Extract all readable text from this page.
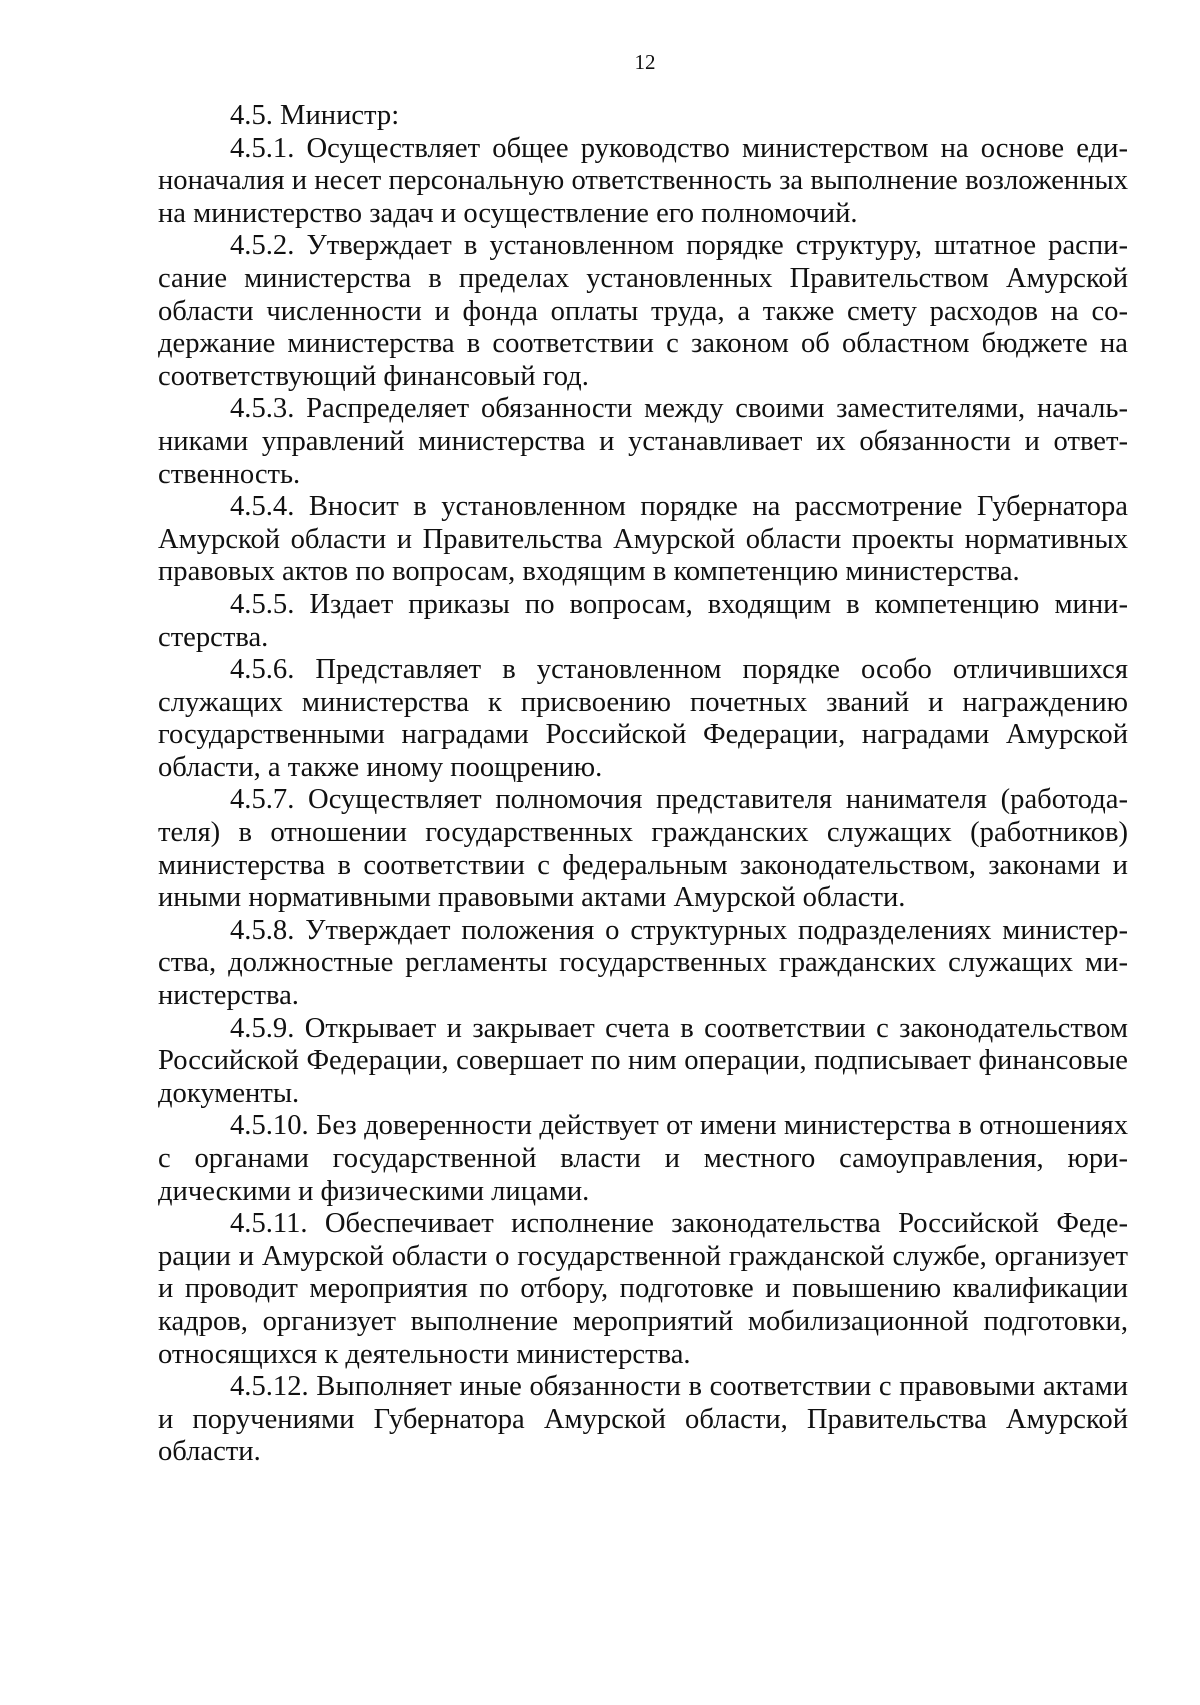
12

4.5. Министр:

4.5.1. Осуществляет общее руководство министерством на основе единоначалия и несет персональную ответственность за выполнение возложенных на министерство задач и осуществление его полномочий.

4.5.2. Утверждает в установленном порядке структуру, штатное расписание министерства в пределах установленных Правительством Амурской области численности и фонда оплаты труда, а также смету расходов на содержание министерства в соответствии с законом об областном бюджете на соответствующий финансовый год.

4.5.3. Распределяет обязанности между своими заместителями, начальниками управлений министерства и устанавливает их обязанности и ответственность.

4.5.4. Вносит в установленном порядке на рассмотрение Губернатора Амурской области и Правительства Амурской области проекты нормативных правовых актов по вопросам, входящим в компетенцию министерства.

4.5.5. Издает приказы по вопросам, входящим в компетенцию министерства.

4.5.6. Представляет в установленном порядке особо отличившихся служащих министерства к присвоению почетных званий и награждению государственными наградами Российской Федерации, наградами Амурской области, а также иному поощрению.

4.5.7. Осуществляет полномочия представителя нанимателя (работодателя) в отношении государственных гражданских служащих (работников) министерства в соответствии с федеральным законодательством, законами и иными нормативными правовыми актами Амурской области.

4.5.8. Утверждает положения о структурных подразделениях министерства, должностные регламенты государственных гражданских служащих министерства.

4.5.9. Открывает и закрывает счета в соответствии с законодательством Российской Федерации, совершает по ним операции, подписывает финансовые документы.

4.5.10. Без доверенности действует от имени министерства в отношениях с органами государственной власти и местного самоуправления, юридическими и физическими лицами.

4.5.11. Обеспечивает исполнение законодательства Российской Федерации и Амурской области о государственной гражданской службе, организует и проводит мероприятия по отбору, подготовке и повышению квалификации кадров, организует выполнение мероприятий мобилизационной подготовки, относящихся к деятельности министерства.

4.5.12. Выполняет иные обязанности в соответствии с правовыми актами и поручениями Губернатора Амурской области, Правительства Амурской области.
